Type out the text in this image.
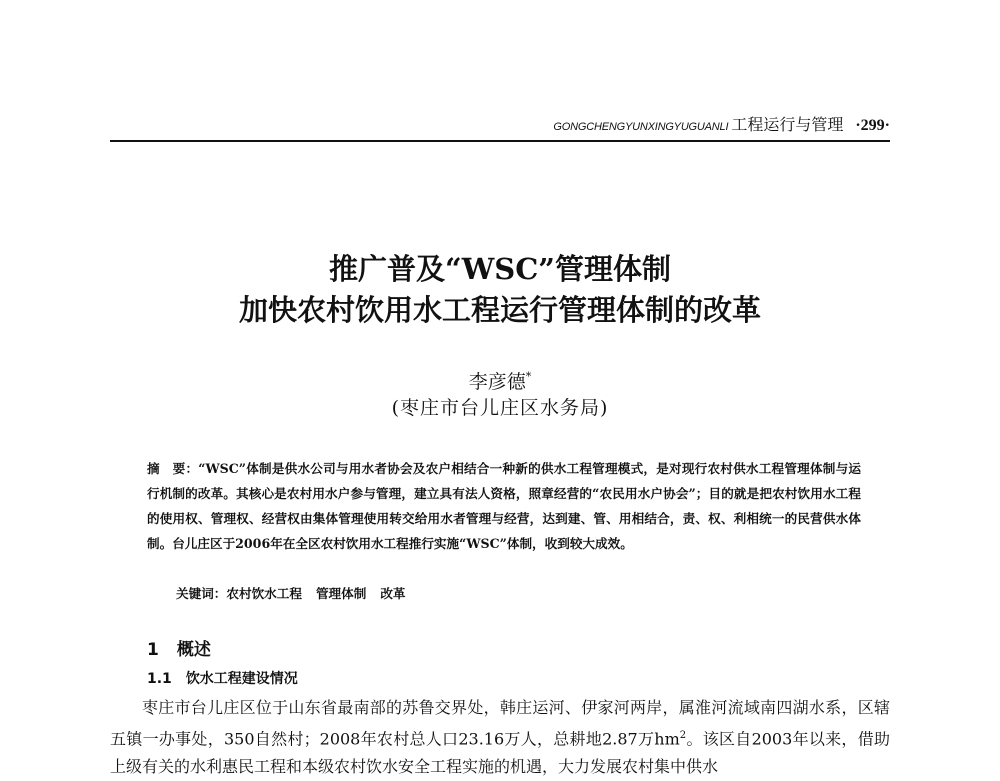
GONGCHENGYUNXINGYUGUANLI 工程运行与管理 ·299·
推广普及“WSC”管理体制
加快农村饮用水工程运行管理体制的改革
李彦德*
(枣庄市台儿庄区水务局)
摘　要：“WSC”体制是供水公司与用水者协会及农户相结合一种新的供水工程管理模式，是对现行农村供水工程管理体制与运行机制的改革。其核心是农村用水户参与管理，建立具有法人资格，照章经营的“农民用水户协会”；目的就是把农村饮用水工程的使用权、管理权、经营权由集体管理使用转交给用水者管理与经营，达到建、管、用相结合，责、权、利相统一的民营供水体制。台儿庄区于2006年在全区农村饮用水工程推行实施“WSC”体制，收到较大成效。
关键词：农村饮水工程 管理体制 改革
1 概述
1.1 饮水工程建设情况

枣庄市台儿庄区位于山东省最南部的苏鲁交界处，韩庄运河、伊家河两岸，属淮河流域南四湖水系，区辖五镇一办事处，350自然村；2008年农村总人口23.16万人，总耕地2.87万$hm^2$。该区自2003年以来，借助上级有关的水利惠民工程和本级农村饮水安全工程实施的机遇，大力发展农村集中供水
